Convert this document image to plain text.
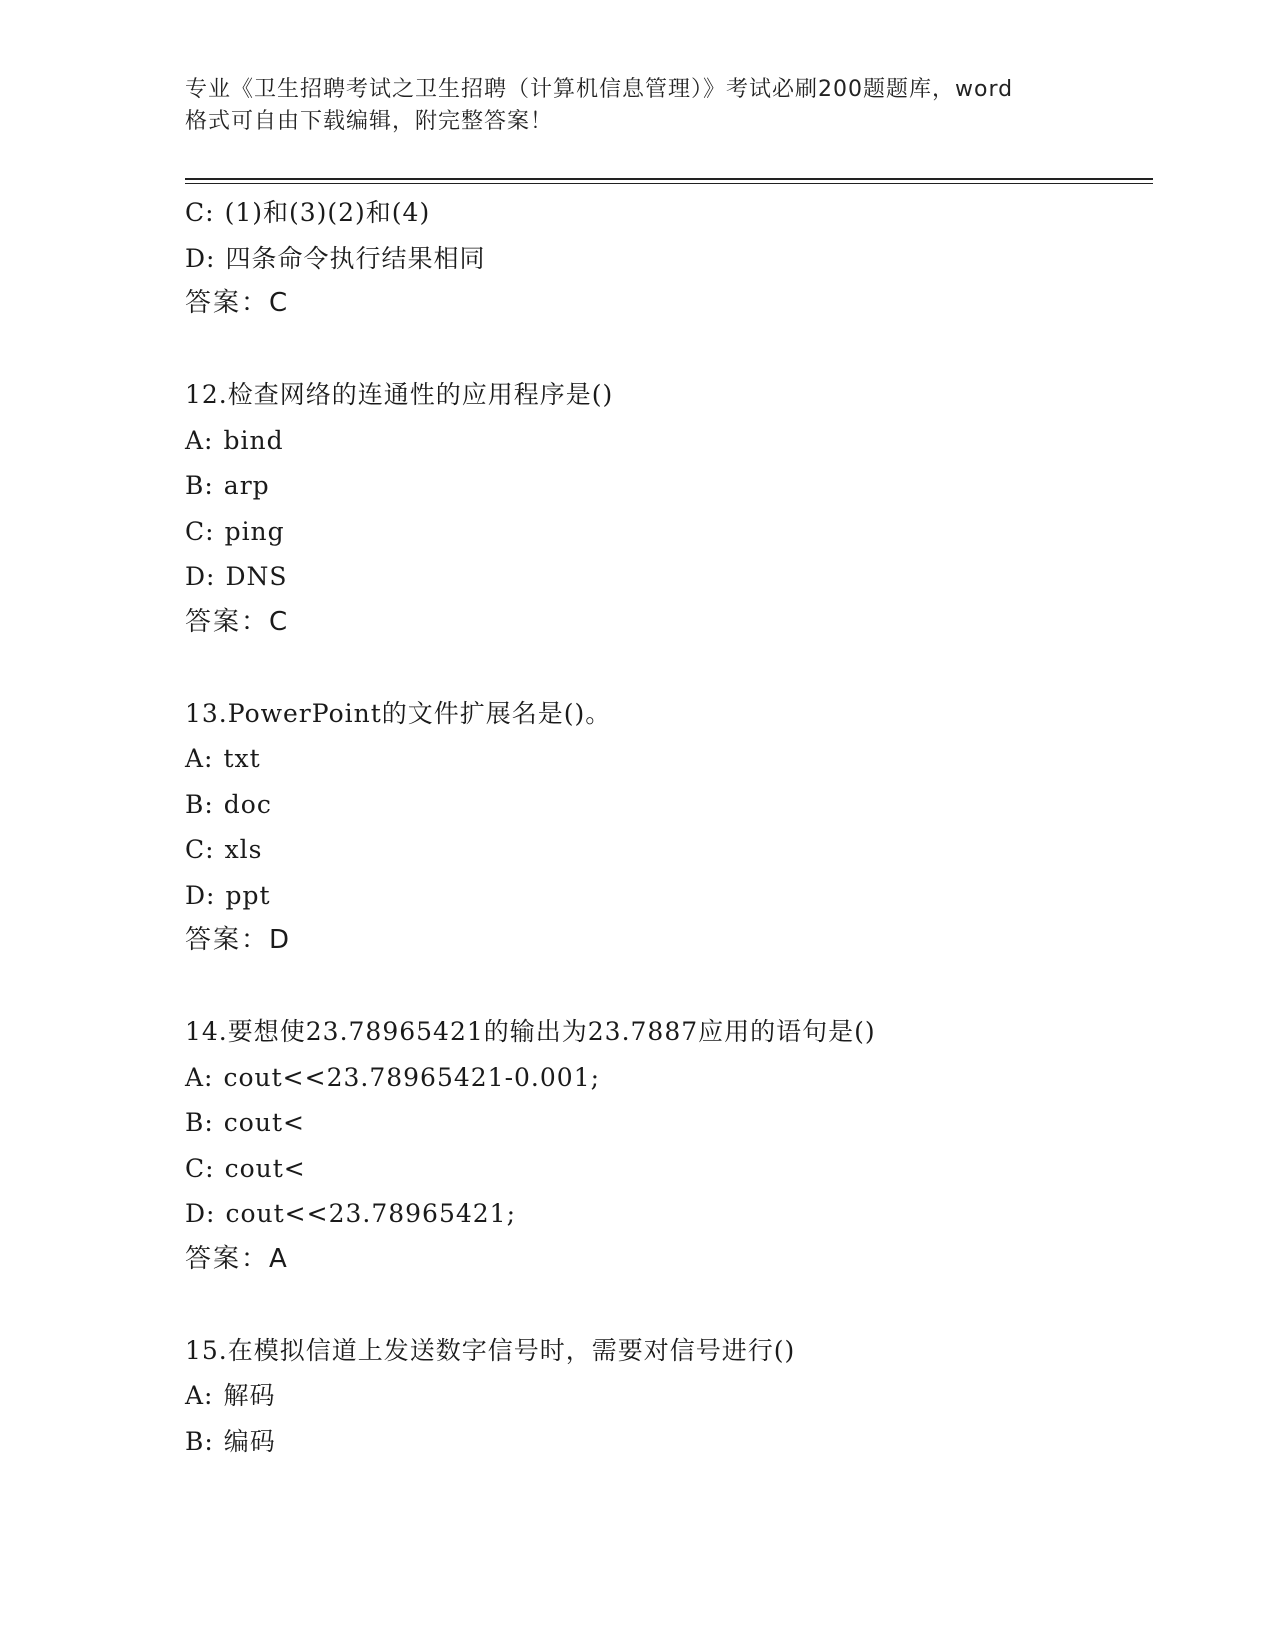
专业《卫生招聘考试之卫生招聘（计算机信息管理）》考试必刷200题题库，word
格式可自由下载编辑，附完整答案！
C: (1)和(3)(2)和(4)
D: 四条命令执行结果相同
答案：C
12.检查网络的连通性的应用程序是()
A: bind
B: arp
C: ping
D: DNS
答案：C
13.PowerPoint的文件扩展名是()。
A: txt
B: doc
C: xls
D: ppt
答案：D
14.要想使23.78965421的输出为23.7887应用的语句是()
A: cout<<23.78965421-0.001;
B: cout<
C: cout<
D: cout<<23.78965421;
答案：A
15.在模拟信道上发送数字信号时，需要对信号进行()
A: 解码
B: 编码
